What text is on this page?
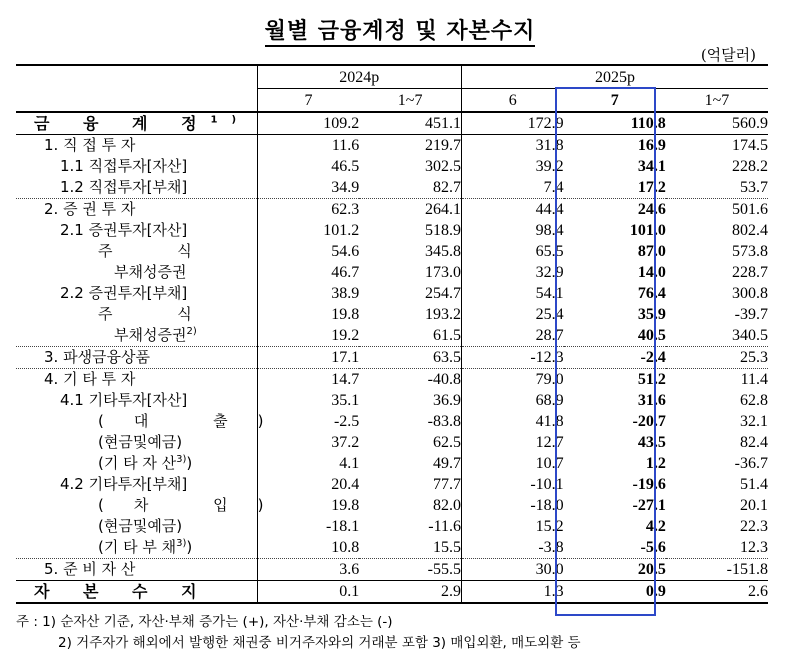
월별 금융계정 및 자본수지
(억달러)
	2024p		2025p		
	7	1~7	6	7	1~7
금 융 계 정$^{1)}$	109.2	451.1	172.9	110.8	560.9
1. 직 접 투 자	11.6	219.7	31.8	16.9	174.5
1.1 직접투자[자산]	46.5	302.5	39.2	34.1	228.2
1.2 직접투자[부채]	34.9	82.7	7.4	17.2	53.7
2. 증 권 투 자	62.3	264.1	44.4	24.6	501.6
2.1 증권투자[자산]	101.2	518.9	98.4	101.0	802.4
주 식	54.6	345.8	65.5	87.0	573.8
부채성증권	46.7	173.0	32.9	14.0	228.7
2.2 증권투자[부채]	38.9	254.7	54.1	76.4	300.8
주 식	19.8	193.2	25.4	35.9	-39.7
부채성증권$^{2)}$	19.2	61.5	28.7	40.5	340.5
3. 파생금융상품	17.1	63.5	-12.3	-2.4	25.3
4. 기 타 투 자	14.7	-40.8	79.0	51.2	11.4
4.1 기타투자[자산]	35.1	36.9	68.9	31.6	62.8
(대 출)	-2.5	-83.8	41.8	-20.7	32.1
(현금및예금)	37.2	62.5	12.7	43.5	82.4
(기 타 자 산$^{3)}$)	4.1	49.7	10.7	1.2	-36.7
4.2 기타투자[부채]	20.4	77.7	-10.1	-19.6	51.4
(차 입)	19.8	82.0	-18.0	-27.1	20.1
(현금및예금)	-18.1	-11.6	15.2	4.2	22.3
(기 타 부 채$^{3)}$)	10.8	15.5	-3.8	-5.6	12.3
5. 준 비 자 산	3.6	-55.5	30.0	20.5	-151.8
자 본 수 지	0.1	2.9	1.3	0.9	2.6
주 : 1) 순자산 기준, 자산·부채 증가는 (+), 자산·부채 감소는 (-)
2) 거주자가 해외에서 발행한 채권중 비거주자와의 거래분 포함 3) 매입외환, 매도외환 등
